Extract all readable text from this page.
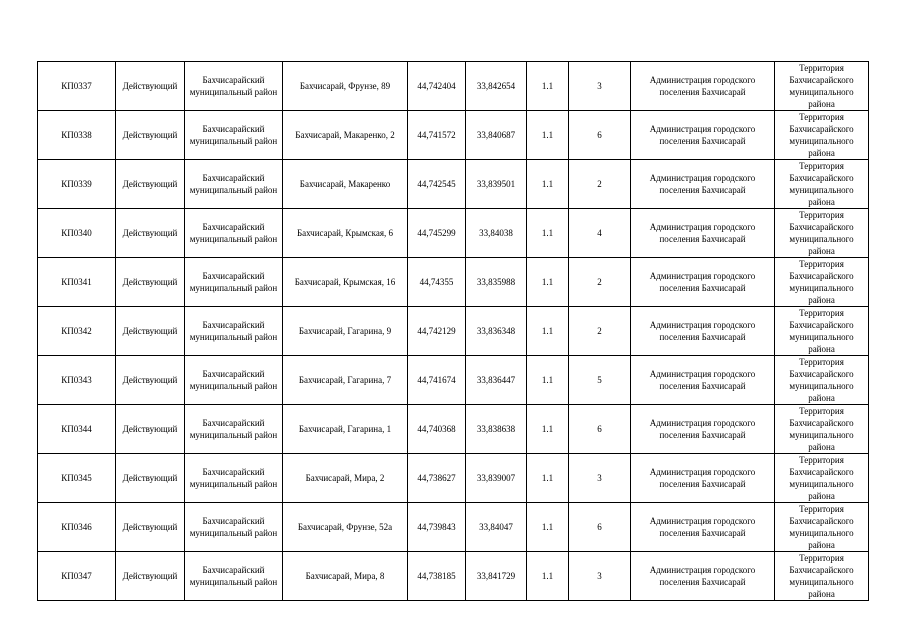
КП0337	Действующий	Бахчисарайский муниципальный район	Бахчисарай, Фрунзе, 89	44,742404	33,842654	1.1	3	Администрация городского поселения Бахчисарай	Территория Бахчисарайского муниципального района
КП0338	Действующий	Бахчисарайский муниципальный район	Бахчисарай, Макаренко, 2	44,741572	33,840687	1.1	6	Администрация городского поселения Бахчисарай	Территория Бахчисарайского муниципального района
КП0339	Действующий	Бахчисарайский муниципальный район	Бахчисарай, Макаренко	44,742545	33,839501	1.1	2	Администрация городского поселения Бахчисарай	Территория Бахчисарайского муниципального района
КП0340	Действующий	Бахчисарайский муниципальный район	Бахчисарай, Крымская, 6	44,745299	33,84038	1.1	4	Администрация городского поселения Бахчисарай	Территория Бахчисарайского муниципального района
КП0341	Действующий	Бахчисарайский муниципальный район	Бахчисарай, Крымская, 16	44,74355	33,835988	1.1	2	Администрация городского поселения Бахчисарай	Территория Бахчисарайского муниципального района
КП0342	Действующий	Бахчисарайский муниципальный район	Бахчисарай, Гагарина, 9	44,742129	33,836348	1.1	2	Администрация городского поселения Бахчисарай	Территория Бахчисарайского муниципального района
КП0343	Действующий	Бахчисарайский муниципальный район	Бахчисарай, Гагарина, 7	44,741674	33,836447	1.1	5	Администрация городского поселения Бахчисарай	Территория Бахчисарайского муниципального района
КП0344	Действующий	Бахчисарайский муниципальный район	Бахчисарай, Гагарина, 1	44,740368	33,838638	1.1	6	Администрация городского поселения Бахчисарай	Территория Бахчисарайского муниципального района
КП0345	Действующий	Бахчисарайский муниципальный район	Бахчисарай, Мира, 2	44,738627	33,839007	1.1	3	Администрация городского поселения Бахчисарай	Территория Бахчисарайского муниципального района
КП0346	Действующий	Бахчисарайский муниципальный район	Бахчисарай, Фрунзе, 52а	44,739843	33,84047	1.1	6	Администрация городского поселения Бахчисарай	Территория Бахчисарайского муниципального района
КП0347	Действующий	Бахчисарайский муниципальный район	Бахчисарай, Мира, 8	44,738185	33,841729	1.1	3	Администрация городского поселения Бахчисарай	Территория Бахчисарайского муниципального района
